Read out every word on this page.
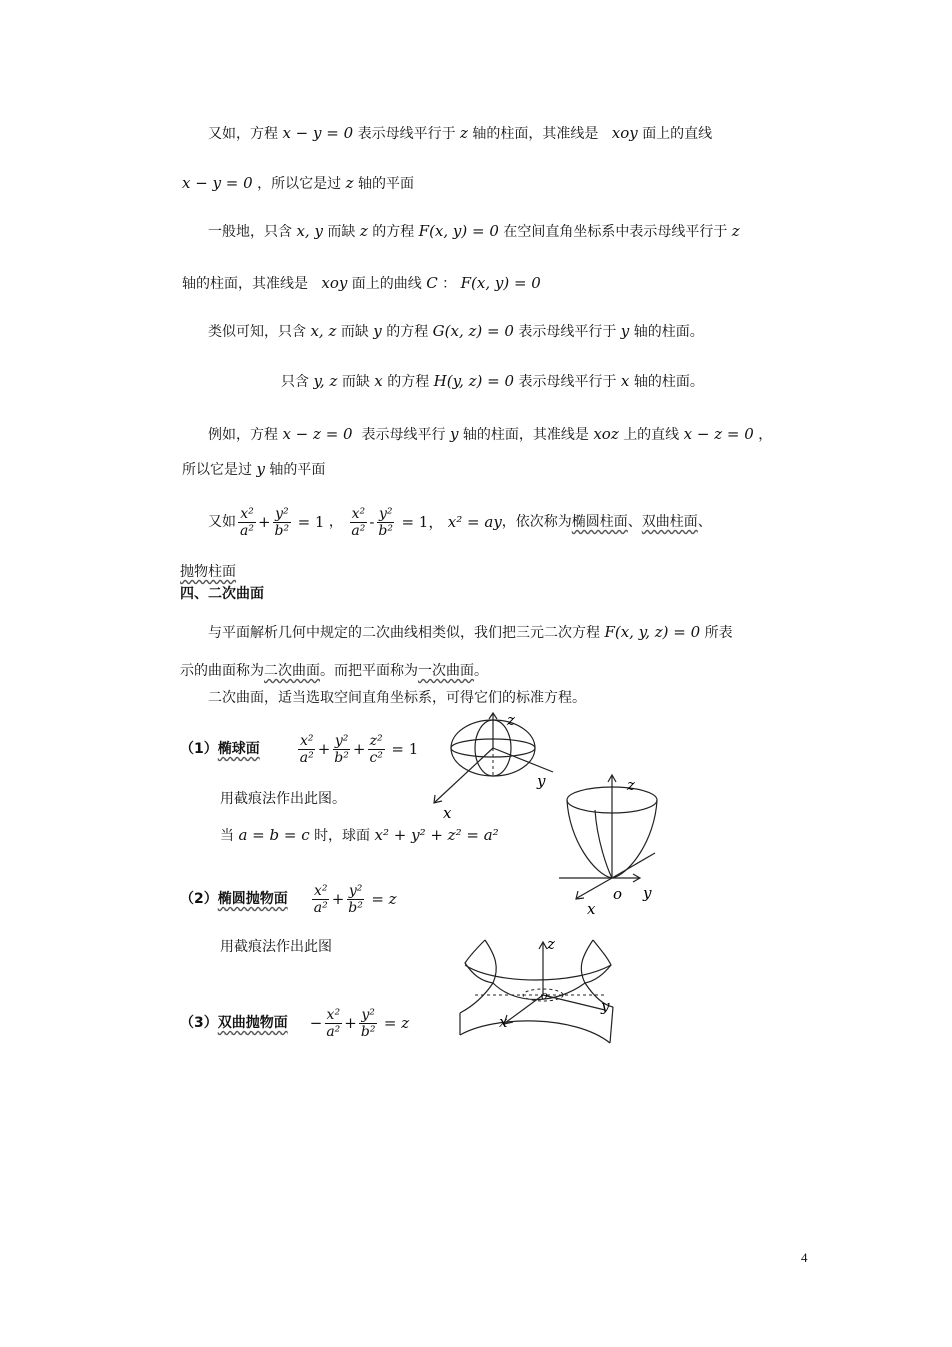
又如，方程 x − y = 0 表示母线平行于 z 轴的柱面，其准线是 xoy 面上的直线
x − y = 0 ，所以它是过 z 轴的平面
一般地，只含 x, y 而缺 z 的方程 F(x, y) = 0 在空间直角坐标系中表示母线平行于 z
轴的柱面，其准线是 xoy 面上的曲线 C ： F(x, y) = 0
类似可知，只含 x, z 而缺 y 的方程 G(x, z) = 0 表示母线平行于 y 轴的柱面。
只含 y, z 而缺 x 的方程 H(y, z) = 0 表示母线平行于 x 轴的柱面。
例如，方程 x − z = 0 表示母线平行 y 轴的柱面，其准线是 xoz 上的直线 x − z = 0 ，
所以它是过 y 轴的平面
又如 $\frac{\text{x²}}{\text{a²}} + \frac{\text{y²}}{\text{b²}}$
= 1
，
$\frac{\text{x²}}{\text{a²}} - \frac{\text{y²}}{\text{b²}}$
= 1，
x² = ay ，依次称为 椭圆柱面 、 双曲柱面 、
抛物柱面
四、二次曲面
与平面解析几何中规定的二次曲线相类似，我们把三元二次方程 F(x, y, z) = 0 所表
示的曲面称为二次曲面。而把平面称为一次曲面。
二次曲面，适当选取空间直角坐标系，可得它们的标准方程。
（1） 椭球面	$\frac{\text{x²}}{\text{a²}} + \frac{\text{y²}}{\text{b²}} + \frac{\text{z²}}{\text{c²}}$
= 1
用截痕法作出此图。
当 a = b = c 时，球面 x² + y² + z² = a²
（2） 椭圆抛物面 $\frac{\text{x²}}{\text{a²}} + \frac{\text{y²}}{\text{b²}}$
= z
用截痕法作出此图
（3） 双曲抛物面 − $\frac{\text{x²}}{\text{a²}} + \frac{\text{y²}}{\text{b²}}$
= z
z
y
x
z
y
x
o
z
y
x
o
4
